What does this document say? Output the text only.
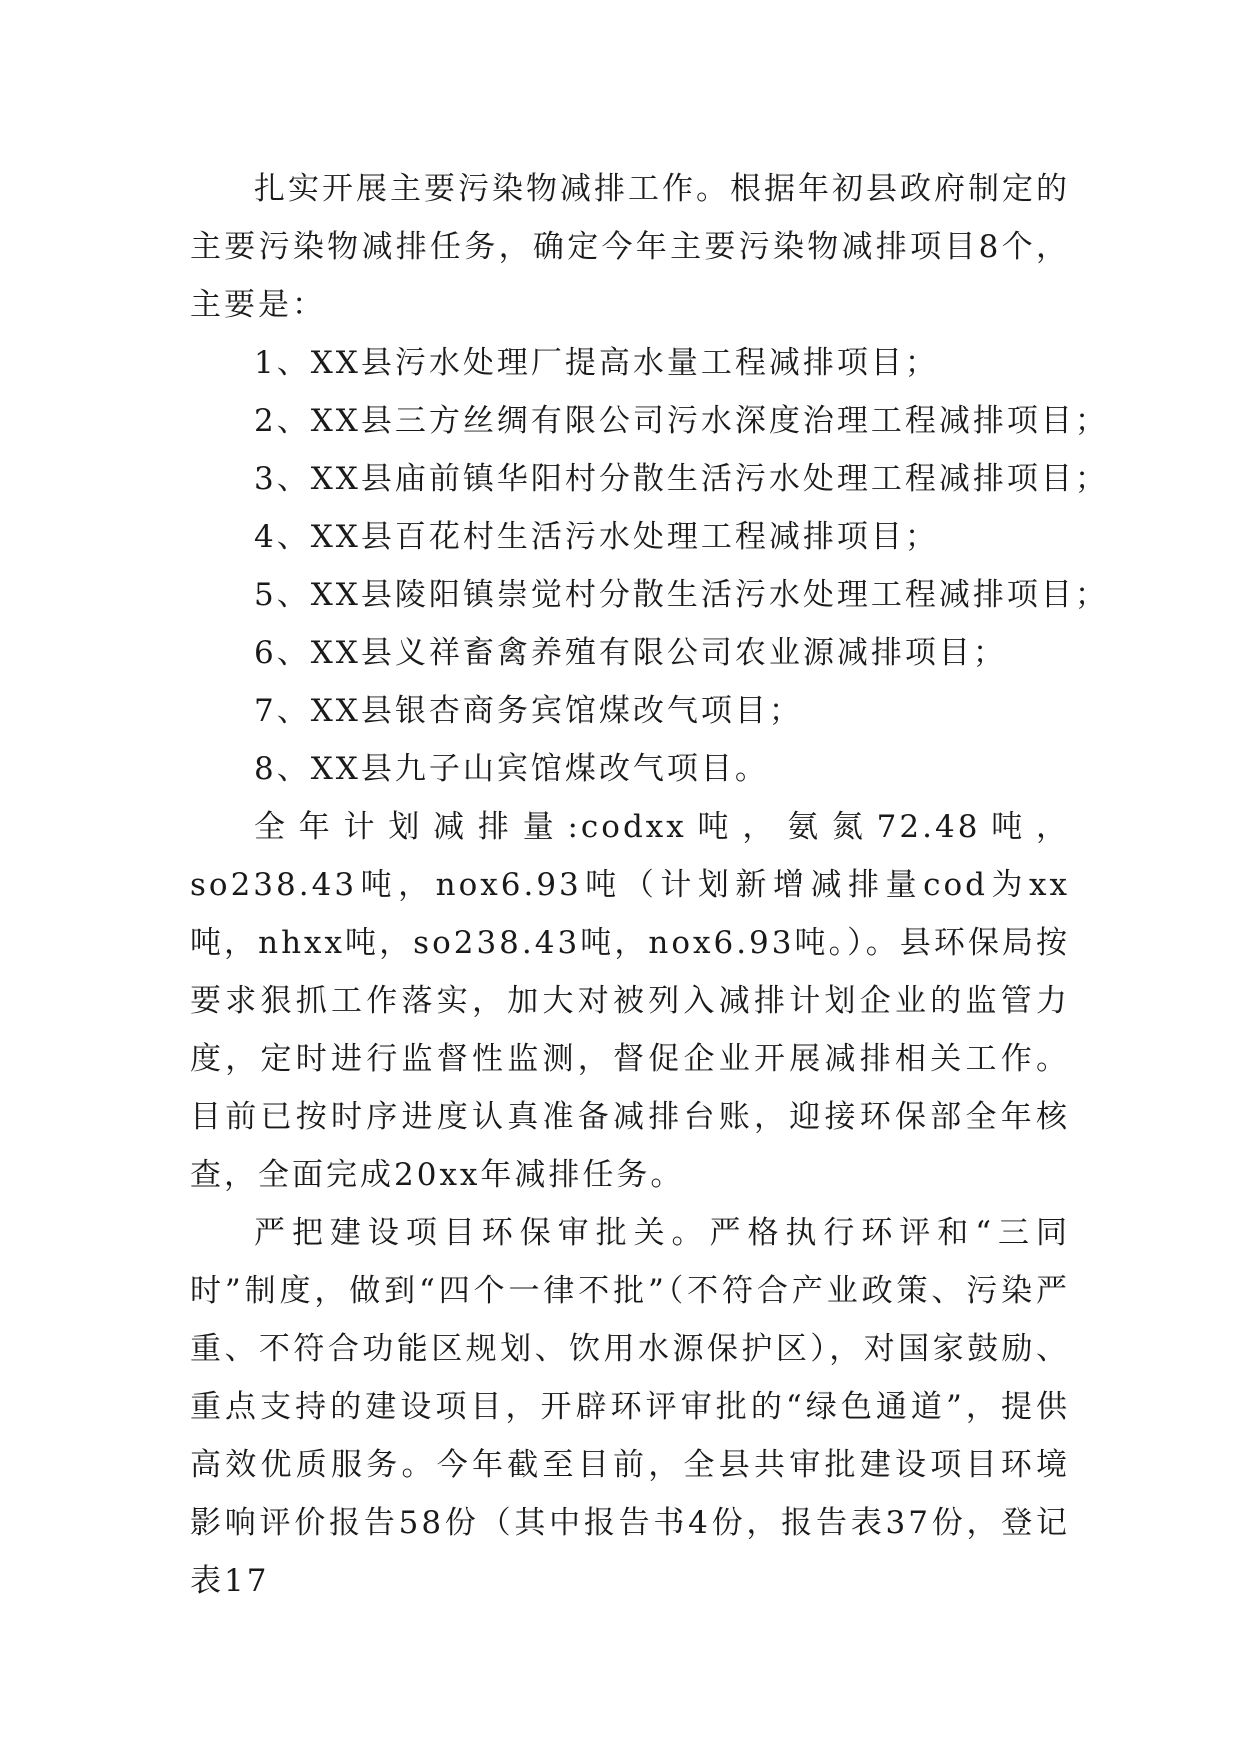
扎实开展主要污染物减排工作。根据年初县政府制定的主要污染物减排任务，确定今年主要污染物减排项目8个，主要是：

1、XX县污水处理厂提高水量工程减排项目；
2、XX县三方丝绸有限公司污水深度治理工程减排项目；
3、XX县庙前镇华阳村分散生活污水处理工程减排项目；
4、XX县百花村生活污水处理工程减排项目；
5、XX县陵阳镇崇觉村分散生活污水处理工程减排项目；
6、XX县义祥畜禽养殖有限公司农业源减排项目；
7、XX县银杏商务宾馆煤改气项目；
8、XX县九子山宾馆煤改气项目。

全年计划减排量:codxx吨，氨氮72.48吨，so238.43吨，nox6.93吨（计划新增减排量cod为xx吨，nhxx吨，so238.43吨，nox6.93吨。）。县环保局按要求狠抓工作落实，加大对被列入减排计划企业的监管力度，定时进行监督性监测，督促企业开展减排相关工作。目前已按时序进度认真准备减排台账，迎接环保部全年核查，全面完成20xx年减排任务。

严把建设项目环保审批关。严格执行环评和“三同时”制度，做到“四个一律不批”（不符合产业政策、污染严重、不符合功能区规划、饮用水源保护区），对国家鼓励、重点支持的建设项目，开辟环评审批的“绿色通道”，提供高效优质服务。今年截至目前，全县共审批建设项目环境影响评价报告58份（其中报告书4份，报告表37份，登记表17
